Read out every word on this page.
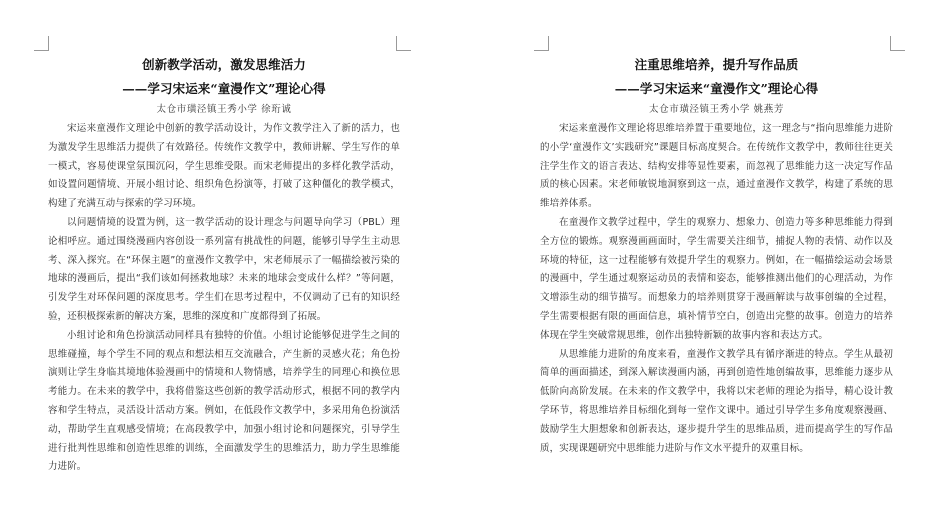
创新教学活动，激发思维活力
——学习宋运来“童漫作文”理论心得
太仓市璜泾镇王秀小学 徐珩诚

宋运来童漫作文理论中创新的教学活动设计，为作文教学注入了新的活力，也为激发学生思维活力提供了有效路径。传统作文教学中，教师讲解、学生写作的单一模式，容易使课堂氛围沉闷，学生思维受限。而宋老师提出的多样化教学活动，如设置问题情境、开展小组讨论、组织角色扮演等，打破了这种僵化的教学模式，构建了充满互动与探索的学习环境。

以问题情境的设置为例，这一教学活动的设计理念与问题导向学习（PBL）理论相呼应。通过围绕漫画内容创设一系列富有挑战性的问题，能够引导学生主动思考、深入探究。在“环保主题”的童漫作文教学中，宋老师展示了一幅描绘被污染的地球的漫画后，提出“我们该如何拯救地球？未来的地球会变成什么样？”等问题，引发学生对环保问题的深度思考。学生们在思考过程中，不仅调动了已有的知识经验，还积极探索新的解决方案，思维的深度和广度都得到了拓展。

小组讨论和角色扮演活动同样具有独特的价值。小组讨论能够促进学生之间的思维碰撞，每个学生不同的观点和想法相互交流融合，产生新的灵感火花；角色扮演则让学生身临其境地体验漫画中的情境和人物情感，培养学生的同理心和换位思考能力。在未来的教学中，我将借鉴这些创新的教学活动形式，根据不同的教学内容和学生特点，灵活设计活动方案。例如，在低段作文教学中，多采用角色扮演活动，帮助学生直观感受情境；在高段教学中，加强小组讨论和问题探究，引导学生进行批判性思维和创造性思维的训练，全面激发学生的思维活力，助力学生思维能力进阶。

注重思维培养，提升写作品质
——学习宋运来“童漫作文”理论心得
太仓市璜泾镇王秀小学 姚燕芳

宋运来童漫作文理论将思维培养置于重要地位，这一理念与“指向思维能力进阶的小学‘童漫作文’实践研究”课题目标高度契合。在传统作文教学中，教师往往更关注学生作文的语言表达、结构安排等显性要素，而忽视了思维能力这一决定写作品质的核心因素。宋老师敏锐地洞察到这一点，通过童漫作文教学，构建了系统的思维培养体系。

在童漫作文教学过程中，学生的观察力、想象力、创造力等多种思维能力得到全方位的锻炼。观察漫画画面时，学生需要关注细节，捕捉人物的表情、动作以及环境的特征，这一过程能够有效提升学生的观察力。例如，在一幅描绘运动会场景的漫画中，学生通过观察运动员的表情和姿态，能够推测出他们的心理活动，为作文增添生动的细节描写。而想象力的培养则贯穿于漫画解读与故事创编的全过程，学生需要根据有限的画面信息，填补情节空白，创造出完整的故事。创造力的培养体现在学生突破常规思维，创作出独特新颖的故事内容和表达方式。

从思维能力进阶的角度来看，童漫作文教学具有循序渐进的特点。学生从最初简单的画面描述，到深入解读漫画内涵，再到创造性地创编故事，思维能力逐步从低阶向高阶发展。在未来的作文教学中，我将以宋老师的理论为指导，精心设计教学环节，将思维培养目标细化到每一堂作文课中。通过引导学生多角度观察漫画、鼓励学生大胆想象和创新表达，逐步提升学生的思维品质，进而提高学生的写作品质，实现课题研究中思维能力进阶与作文水平提升的双重目标。
